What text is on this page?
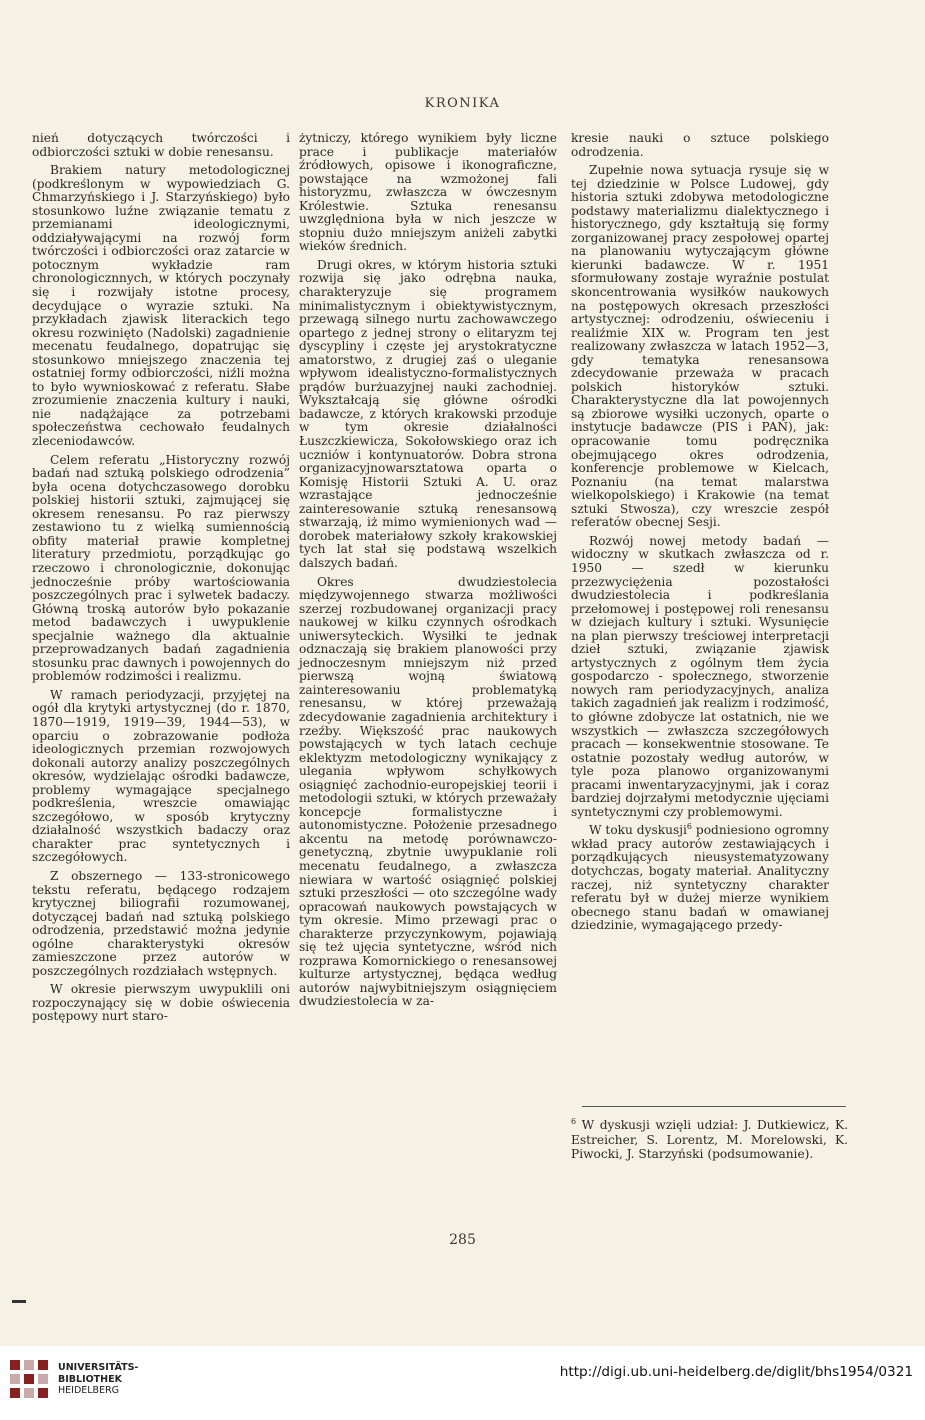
KRONIKA

nień dotyczących twórczości i odbiorczości sztuki w dobie renesansu.

Brakiem natury metodologicznej (podkreślonym w wypowiedziach G. Chmarzyńskiego i J. Starzyńskiego) było stosunkowo luźne związanie tematu z przemianami ideologicznymi, oddziaływającymi na rozwój form twórczości i odbiorczości oraz zatarcie w potocznym wykładzie ram chronologicznnych, w których poczynały się i rozwijały istotne procesy, decydujące o wyrazie sztuki. Na przykładach zjawisk literackich tego okresu rozwinięto (Nadolski) zagadnienie mecenatu feudalnego, dopatrując się stosunkowo mniejszego znaczenia tej ostatniej formy odbiorczości, niźli można to było wywnioskować z referatu. Słabe zrozumienie znaczenia kultury i nauki, nie nadążające za potrzebami społeczeństwa cechowało feudalnych zleceniodawców.

Celem referatu „Historyczny rozwój badań nad sztuką polskiego odrodzenia” była ocena dotychczasowego dorobku polskiej historii sztuki, zajmującej się okresem renesansu. Po raz pierwszy zestawiono tu z wielką sumiennością obfity materiał prawie kompletnej literatury przedmiotu, porządkując go rzeczowo i chronologicznie, dokonując jednocześnie próby wartościowania poszczególnych prac i sylwetek badaczy. Główną troską autorów było pokazanie metod badawczych i uwypuklenie specjalnie ważnego dla aktualnie przeprowadzanych badań zagadnienia stosunku prac dawnych i powojennych do problemów rodzimości i realizmu.

W ramach periodyzacji, przyjętej na ogół dla krytyki artystycznej (do r. 1870, 1870—1919, 1919—39, 1944—53), w oparciu o zobrazowanie podłoża ideologicznych przemian rozwojowych dokonali autorzy analizy poszczególnych okresów, wydzielając ośrodki badawcze, problemy wymagające specjalnego podkreślenia, wreszcie omawiając szczegółowo, w sposób krytyczny działalność wszystkich badaczy oraz charakter prac syntetycznych i szczegółowych.

Z obszernego — 133-stronicowego tekstu referatu, będącego rodzajem krytycznej biliografii rozumowanej, dotyczącej badań nad sztuką polskiego odrodzenia, przedstawić można jedynie ogólne charakterystyki okresów zamieszczone przez autorów w poszczególnych rozdziałach wstępnych.

W okresie pierwszym uwypuklili oni rozpoczynający się w dobie oświecenia postępowy nurt staro-

żytniczy, którego wynikiem były liczne prace i publikacje materiałów źródłowych, opisowe i ikonograficzne, powstające na wzmożonej fali historyzmu, zwłaszcza w ówczesnym Królestwie. Sztuka renesansu uwzględniona była w nich jeszcze w stopniu dużo mniejszym aniżeli zabytki wieków średnich.

Drugi okres, w którym historia sztuki rozwija się jako odrębna nauka, charakteryzuje się programem minimalistycznym i obiektywistycznym, przewagą silnego nurtu zachowawczego opartego z jednej strony o elitaryzm tej dyscypliny i częste jej arystokratyczne amatorstwo, z drugiej zaś o uleganie wpływom idealistyczno-formalistycznych prądów burżuazyjnej nauki zachodniej. Wykształcają się główne ośrodki badawcze, z których krakowski przoduje w tym okresie działalności Łuszczkiewicza, Sokołowskiego oraz ich uczniów i kontynuatorów. Dobra strona organizacyjnowarsztatowa oparta o Komisję Historii Sztuki A. U. oraz wzrastające jednocześnie zainteresowanie sztuką renesansową stwarzają, iż mimo wymienionych wad — dorobek materiałowy szkoły krakowskiej tych lat stał się podstawą wszelkich dalszych badań.

Okres dwudziestolecia międzywojennego stwarza możliwości szerzej rozbudowanej organizacji pracy naukowej w kilku czynnych ośrodkach uniwersyteckich. Wysiłki te jednak odznaczają się brakiem planowości przy jednoczesnym mniejszym niż przed pierwszą wojną światową zainteresowaniu problematyką renesansu, w której przeważają zdecydowanie zagadnienia architektury i rzeźby. Większość prac naukowych powstających w tych latach cechuje eklektyzm metodologiczny wynikający z ulegania wpływom schyłkowych osiągnięć zachodnio-europejskiej teorii i metodologii sztuki, w których przeważały koncepcje formalistyczne i autonomistyczne. Położenie przesadnego akcentu na metodę porównawczo-genetyczną, zbytnie uwypuklanie roli mecenatu feudalnego, a zwłaszcza niewiara w wartość osiągnięć polskiej sztuki przeszłości — oto szczególne wady opracowań naukowych powstających w tym okresie. Mimo przewagi prac o charakterze przyczynkowym, pojawiają się też ujęcia syntetyczne, wśród nich rozprawa Komornickiego o renesansowej kulturze artystycznej, będąca według autorów najwybitniejszym osiągnięciem dwudziestolecia w za-

kresie nauki o sztuce polskiego odrodzenia.

Zupełnie nowa sytuacja rysuje się w tej dziedzinie w Polsce Ludowej, gdy historia sztuki zdobywa metodologiczne podstawy materializmu dialektycznego i historycznego, gdy kształtują się formy zorganizowanej pracy zespołowej opartej na planowaniu wytyczającym główne kierunki badawcze. W r. 1951 sformułowany zostaje wyraźnie postulat skoncentrowania wysiłków naukowych na postępowych okresach przeszłości artystycznej: odrodzeniu, oświeceniu i realiźmie XIX w. Program ten jest realizowany zwłaszcza w latach 1952—3, gdy tematyka renesansowa zdecydowanie przeważa w pracach polskich historyków sztuki. Charakterystyczne dla lat powojennych są zbiorowe wysiłki uczonych, oparte o instytucje badawcze (PIS i PAN), jak: opracowanie tomu podręcznika obejmującego okres odrodzenia, konferencje problemowe w Kielcach, Poznaniu (na temat malarstwa wielkopolskiego) i Krakowie (na temat sztuki Stwosza), czy wreszcie zespół referatów obecnej Sesji.

Rozwój nowej metody badań — widoczny w skutkach zwłaszcza od r. 1950 — szedł w kierunku przezwyciężenia pozostałości dwudziestolecia i podkreślania przełomowej i postępowej roli renesansu w dziejach kultury i sztuki. Wysunięcie na plan pierwszy treściowej interpretacji dzieł sztuki, związanie zjawisk artystycznych z ogólnym tłem życia gospodarczo - społecznego, stworzenie nowych ram periodyzacyjnych, analiza takich zagadnień jak realizm i rodzimość, to główne zdobycze lat ostatnich, nie we wszystkich — zwłaszcza szczegółowych pracach — konsekwentnie stosowane. Te ostatnie pozostały według autorów, w tyle poza planowo organizowanymi pracami inwentaryzacyjnymi, jak i coraz bardziej dojrzałymi metodycznie ujęciami syntetycznymi czy problemowymi.

W toku dyskusji$^6$ podniesiono ogromny wkład pracy autorów zestawiających i porządkujących nieusystematyzowany dotychczas, bogaty materiał. Analityczny raczej, niż syntetyczny charakter referatu był w dużej mierze wynikiem obecnego stanu badań w omawianej dziedzinie, wymagającego przedy-

$^6$ W dyskusji wzięli udział: J. Dutkiewicz, K. Estreicher, S. Lorentz, M. Morelowski, K. Piwocki, J. Starzyński (podsumowanie).
285
UNIVERSITÄTS-
BIBLIOTHEK
HEIDELBERG
http://digi.ub.uni-heidelberg.de/diglit/bhs1954/0321
